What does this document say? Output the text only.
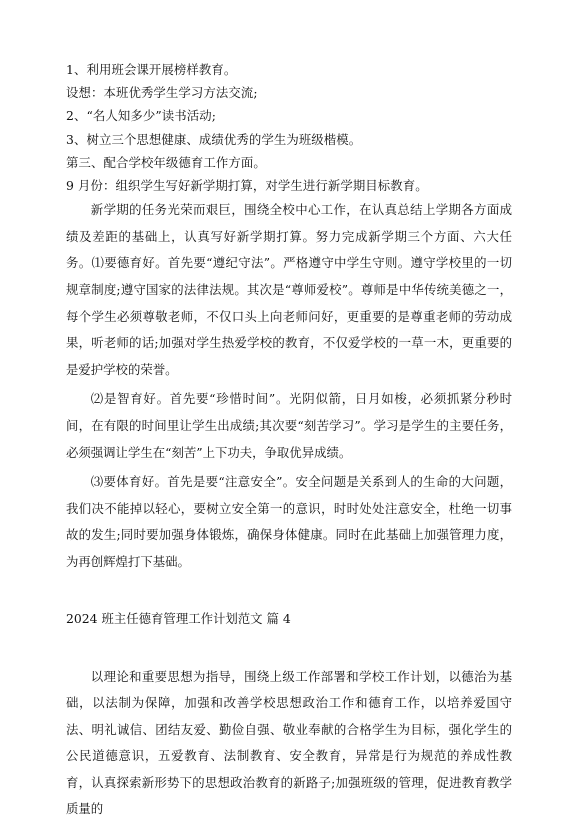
1、利用班会课开展榜样教育。

设想：本班优秀学生学习方法交流;

2、“名人知多少”读书活动;

3、树立三个思想健康、成绩优秀的学生为班级楷模。

第三、配合学校年级德育工作方面。

9 月份：组织学生写好新学期打算，对学生进行新学期目标教育。

新学期的任务光荣而艰巨，围绕全校中心工作，在认真总结上学期各方面成绩及差距的基础上，认真写好新学期打算。努力完成新学期三个方面、六大任务。⑴要德育好。首先要“遵纪守法”。严格遵守中学生守则。遵守学校里的一切规章制度;遵守国家的法律法规。其次是“尊师爱校”。尊师是中华传统美德之一，每个学生必须尊敬老师，不仅口头上向老师问好，更重要的是尊重老师的劳动成果，听老师的话;加强对学生热爱学校的教育，不仅爱学校的一草一木，更重要的是爱护学校的荣誉。

⑵是智育好。首先要“珍惜时间”。光阴似箭，日月如梭，必须抓紧分秒时间，在有限的时间里让学生出成绩;其次要“刻苦学习”。学习是学生的主要任务，必须强调让学生在“刻苦”上下功夫，争取优异成绩。

⑶要体育好。首先是要“注意安全”。安全问题是关系到人的生命的大问题，我们决不能掉以轻心，要树立安全第一的意识，时时处处注意安全，杜绝一切事故的发生;同时要加强身体锻炼，确保身体健康。同时在此基础上加强管理力度，为再创辉煌打下基础。

2024 班主任德育管理工作计划范文 篇 4

以理论和重要思想为指导，围绕上级工作部署和学校工作计划，以德治为基础，以法制为保障，加强和改善学校思想政治工作和德育工作，以培养爱国守法、明礼诚信、团结友爱、勤俭自强、敬业奉献的合格学生为目标，强化学生的公民道德意识，五爱教育、法制教育、安全教育，异常是行为规范的养成性教育，认真探索新形势下的思想政治教育的新路子;加强班级的管理，促进教育教学质量的
